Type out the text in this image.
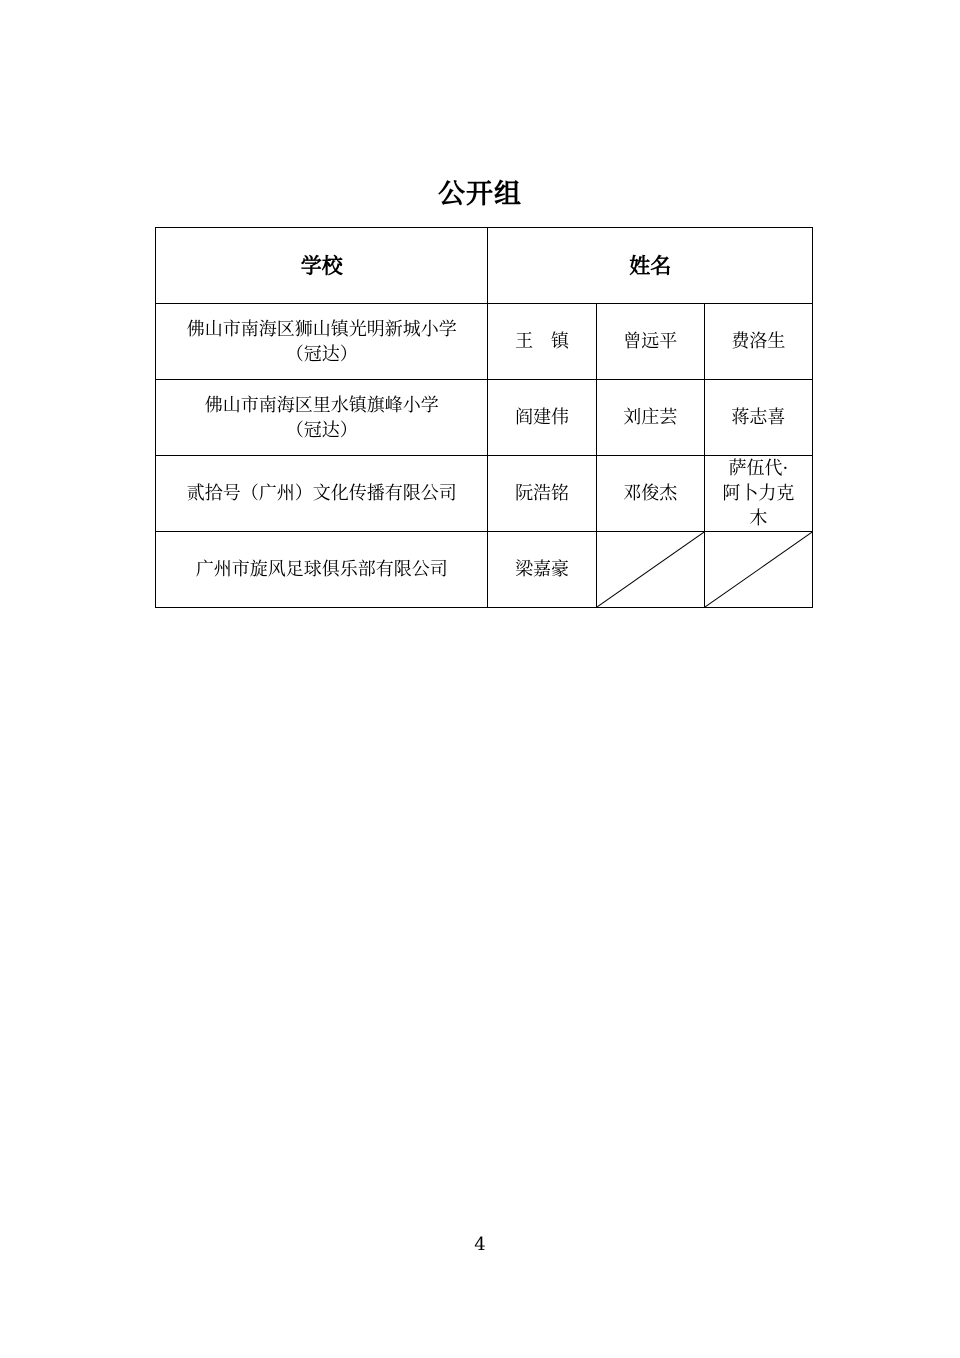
公开组
学校	姓名		

佛山市南海区狮山镇光明新城小学
（冠达）	王　镇	曾远平	费洛生

佛山市南海区里水镇旗峰小学
（冠达）	阎建伟	刘庄芸	蒋志喜

贰拾号（广州）文化传播有限公司	阮浩铭	邓俊杰	萨伍代·
阿卜力克
木

广州市旋风足球俱乐部有限公司	梁嘉豪	

4
